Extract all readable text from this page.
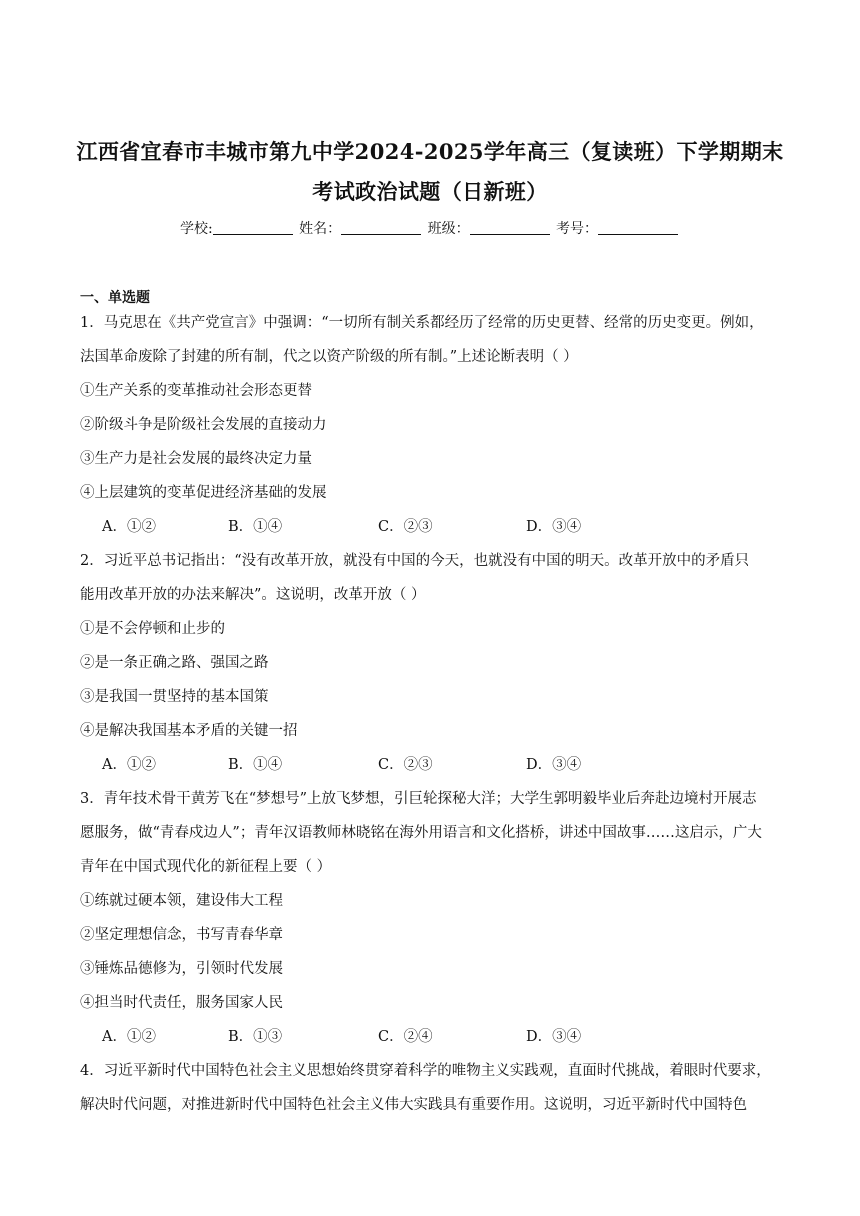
江西省宜春市丰城市第九中学2024-2025学年高三（复读班）下学期期末
考试政治试题（日新班）
学校:	姓名：	班级：	考号：
一、单选题
1．马克思在《共产党宣言》中强调：“一切所有制关系都经历了经常的历史更替、经常的历史变更。例如，
法国革命废除了封建的所有制，代之以资产阶级的所有制。”上述论断表明（ ）
①生产关系的变革推动社会形态更替
②阶级斗争是阶级社会发展的直接动力
③生产力是社会发展的最终决定力量
④上层建筑的变革促进经济基础的发展
A．①②	B．①④	C．②③	D．③④
2．习近平总书记指出：“没有改革开放，就没有中国的今天，也就没有中国的明天。改革开放中的矛盾只
能用改革开放的办法来解决”。这说明，改革开放（ ）
①是不会停顿和止步的
②是一条正确之路、强国之路
③是我国一贯坚持的基本国策
④是解决我国基本矛盾的关键一招
A．①②	B．①④	C．②③	D．③④
3．青年技术骨干黄芳飞在“梦想号”上放飞梦想，引巨轮探秘大洋；大学生郭明毅毕业后奔赴边境村开展志
愿服务，做“青春戍边人”；青年汉语教师林晓铭在海外用语言和文化搭桥，讲述中国故事……这启示，广大
青年在中国式现代化的新征程上要（ ）
①练就过硬本领，建设伟大工程
②坚定理想信念，书写青春华章
③锤炼品德修为，引领时代发展
④担当时代责任，服务国家人民
A．①②	B．①③	C．②④	D．③④
4．习近平新时代中国特色社会主义思想始终贯穿着科学的唯物主义实践观，直面时代挑战，着眼时代要求，
解决时代问题，对推进新时代中国特色社会主义伟大实践具有重要作用。这说明，习近平新时代中国特色
